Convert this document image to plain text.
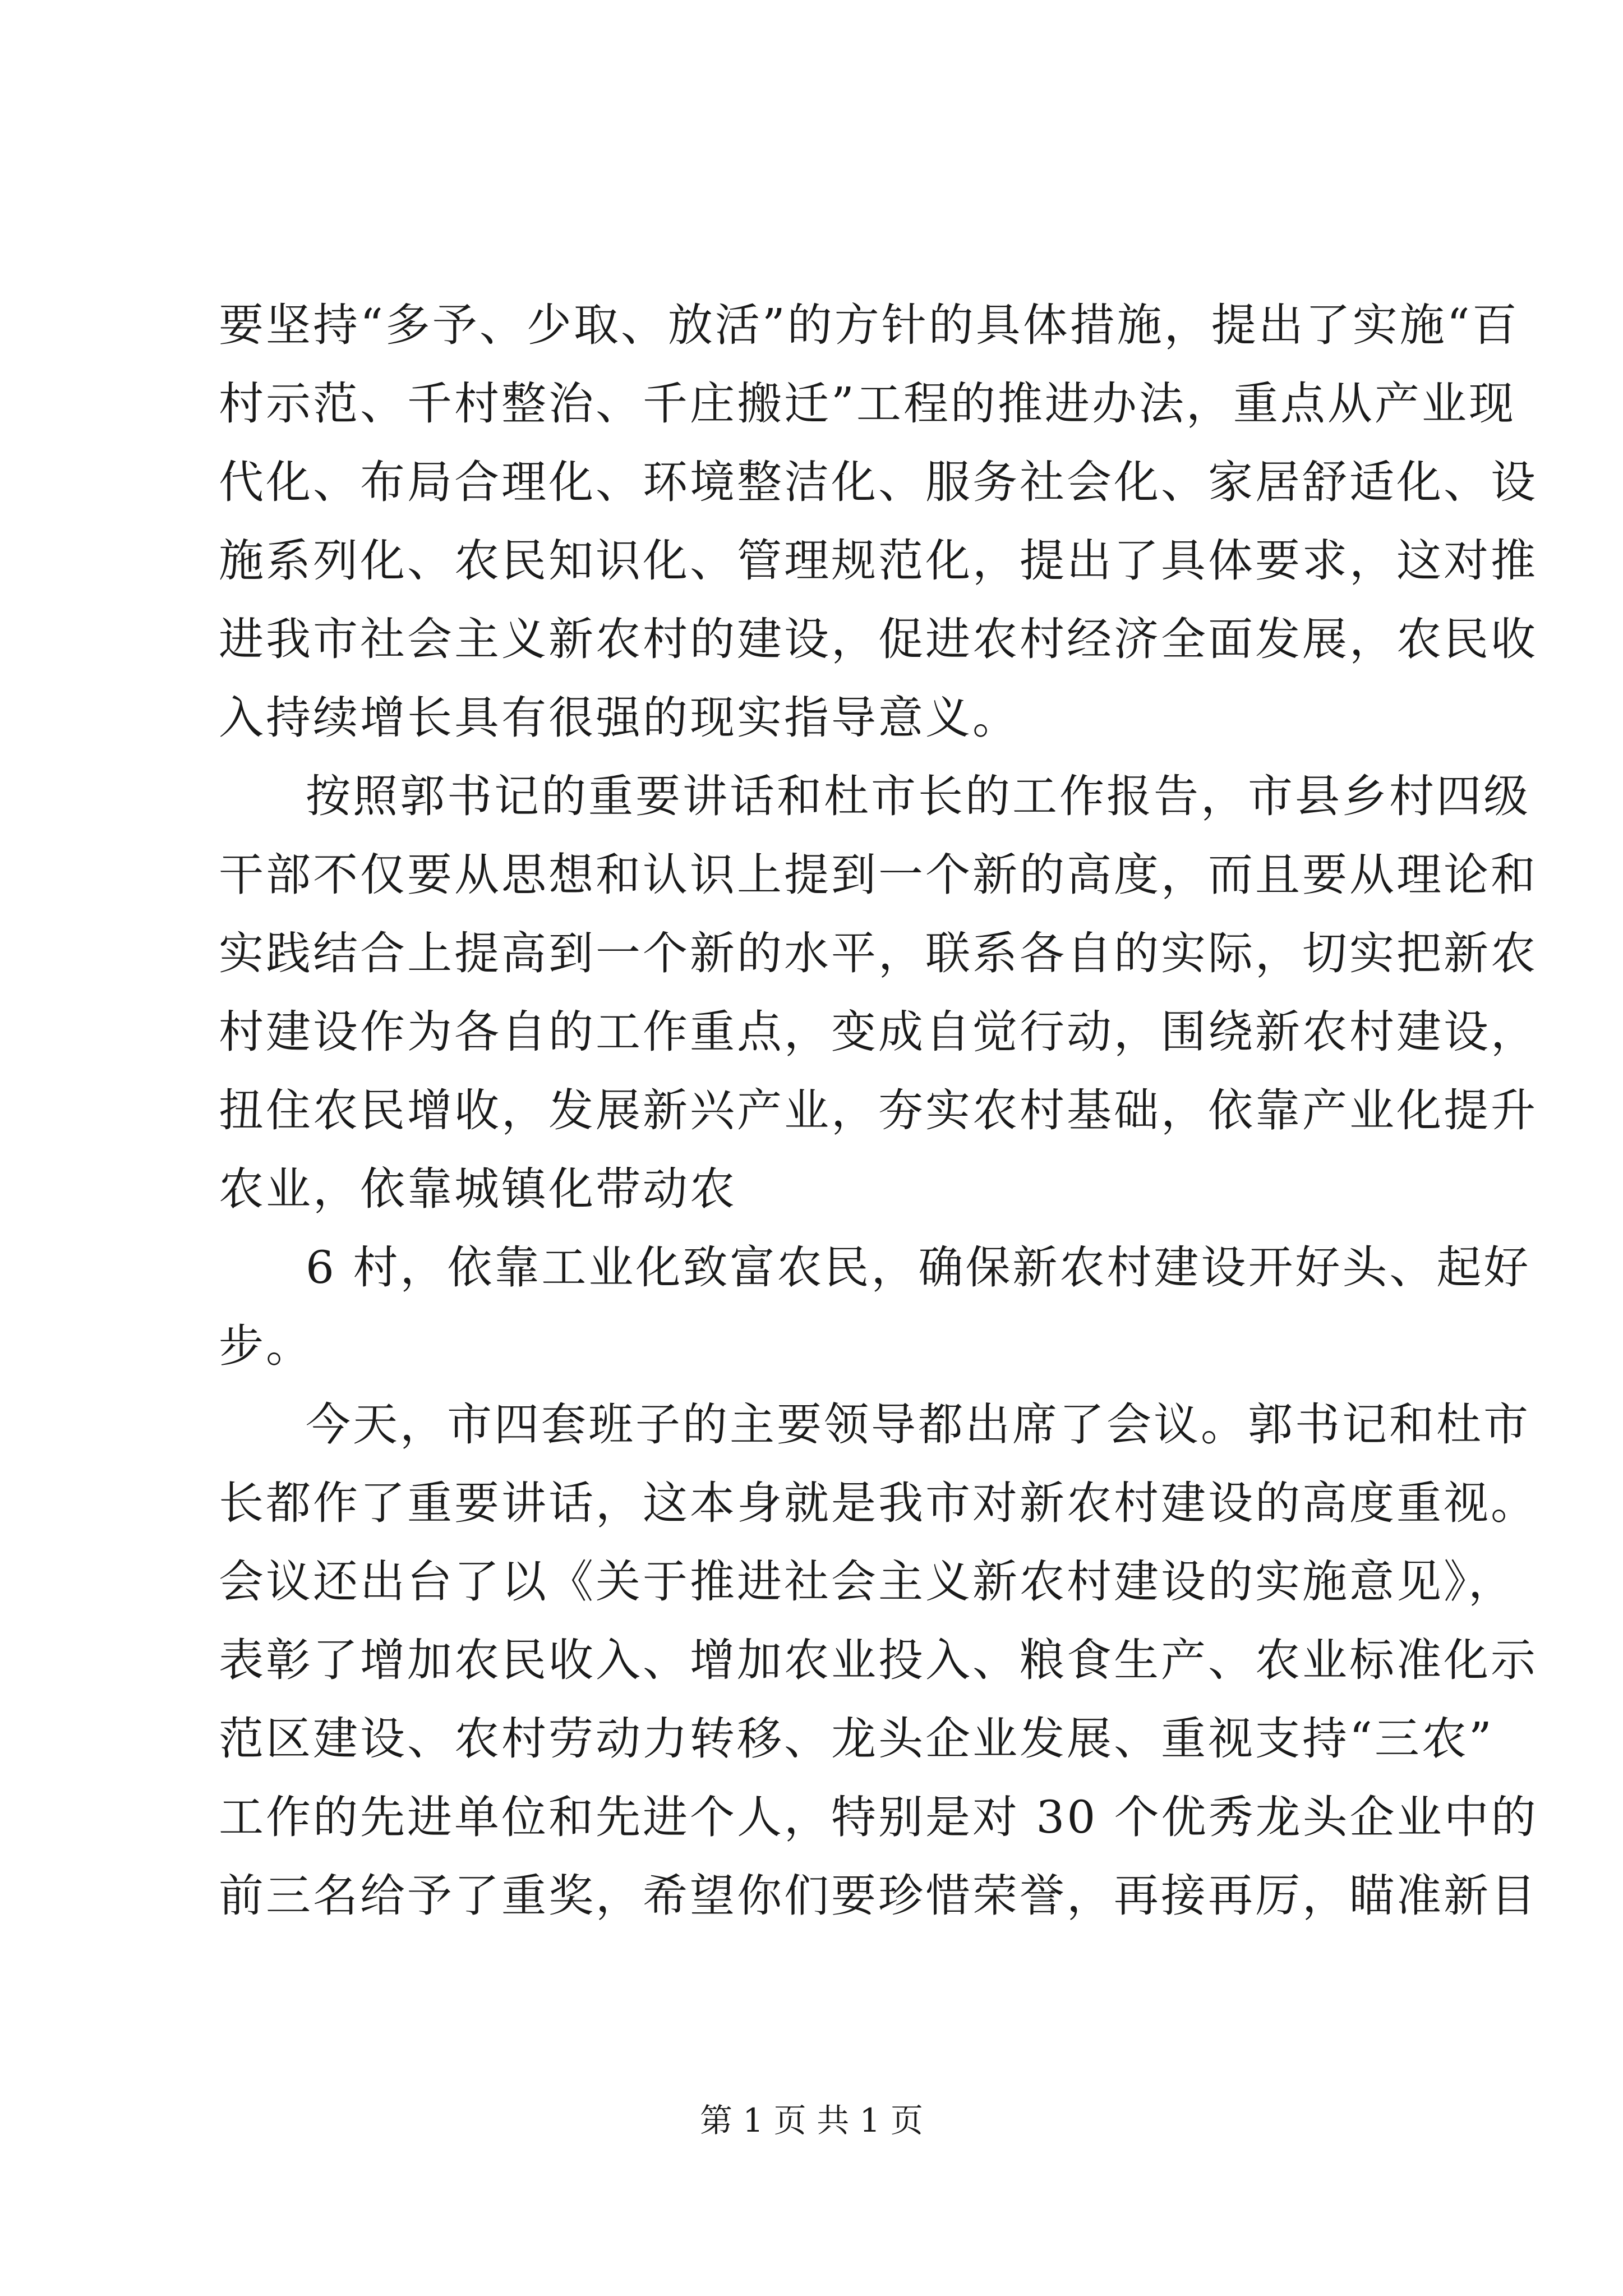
要坚持“多予、少取、放活”的方针的具体措施，提出了实施“百
村示范、千村整治、千庄搬迁”工程的推进办法，重点从产业现
代化、布局合理化、环境整洁化、服务社会化、家居舒适化、设
施系列化、农民知识化、管理规范化，提出了具体要求，这对推
进我市社会主义新农村的建设，促进农村经济全面发展，农民收
入持续增长具有很强的现实指导意义。
按照郭书记的重要讲话和杜市长的工作报告，市县乡村四级
干部不仅要从思想和认识上提到一个新的高度，而且要从理论和
实践结合上提高到一个新的水平，联系各自的实际，切实把新农
村建设作为各自的工作重点，变成自觉行动，围绕新农村建设，
扭住农民增收，发展新兴产业，夯实农村基础，依靠产业化提升
农业，依靠城镇化带动农
6 村，依靠工业化致富农民，确保新农村建设开好头、起好
步。
今天，市四套班子的主要领导都出席了会议。郭书记和杜市
长都作了重要讲话，这本身就是我市对新农村建设的高度重视。
会议还出台了以《关于推进社会主义新农村建设的实施意见》，
表彰了增加农民收入、增加农业投入、粮食生产、农业标准化示
范区建设、农村劳动力转移、龙头企业发展、重视支持“三农”
工作的先进单位和先进个人，特别是对 30 个优秀龙头企业中的
前三名给予了重奖，希望你们要珍惜荣誉，再接再厉，瞄准新目
第 1 页 共 1 页
